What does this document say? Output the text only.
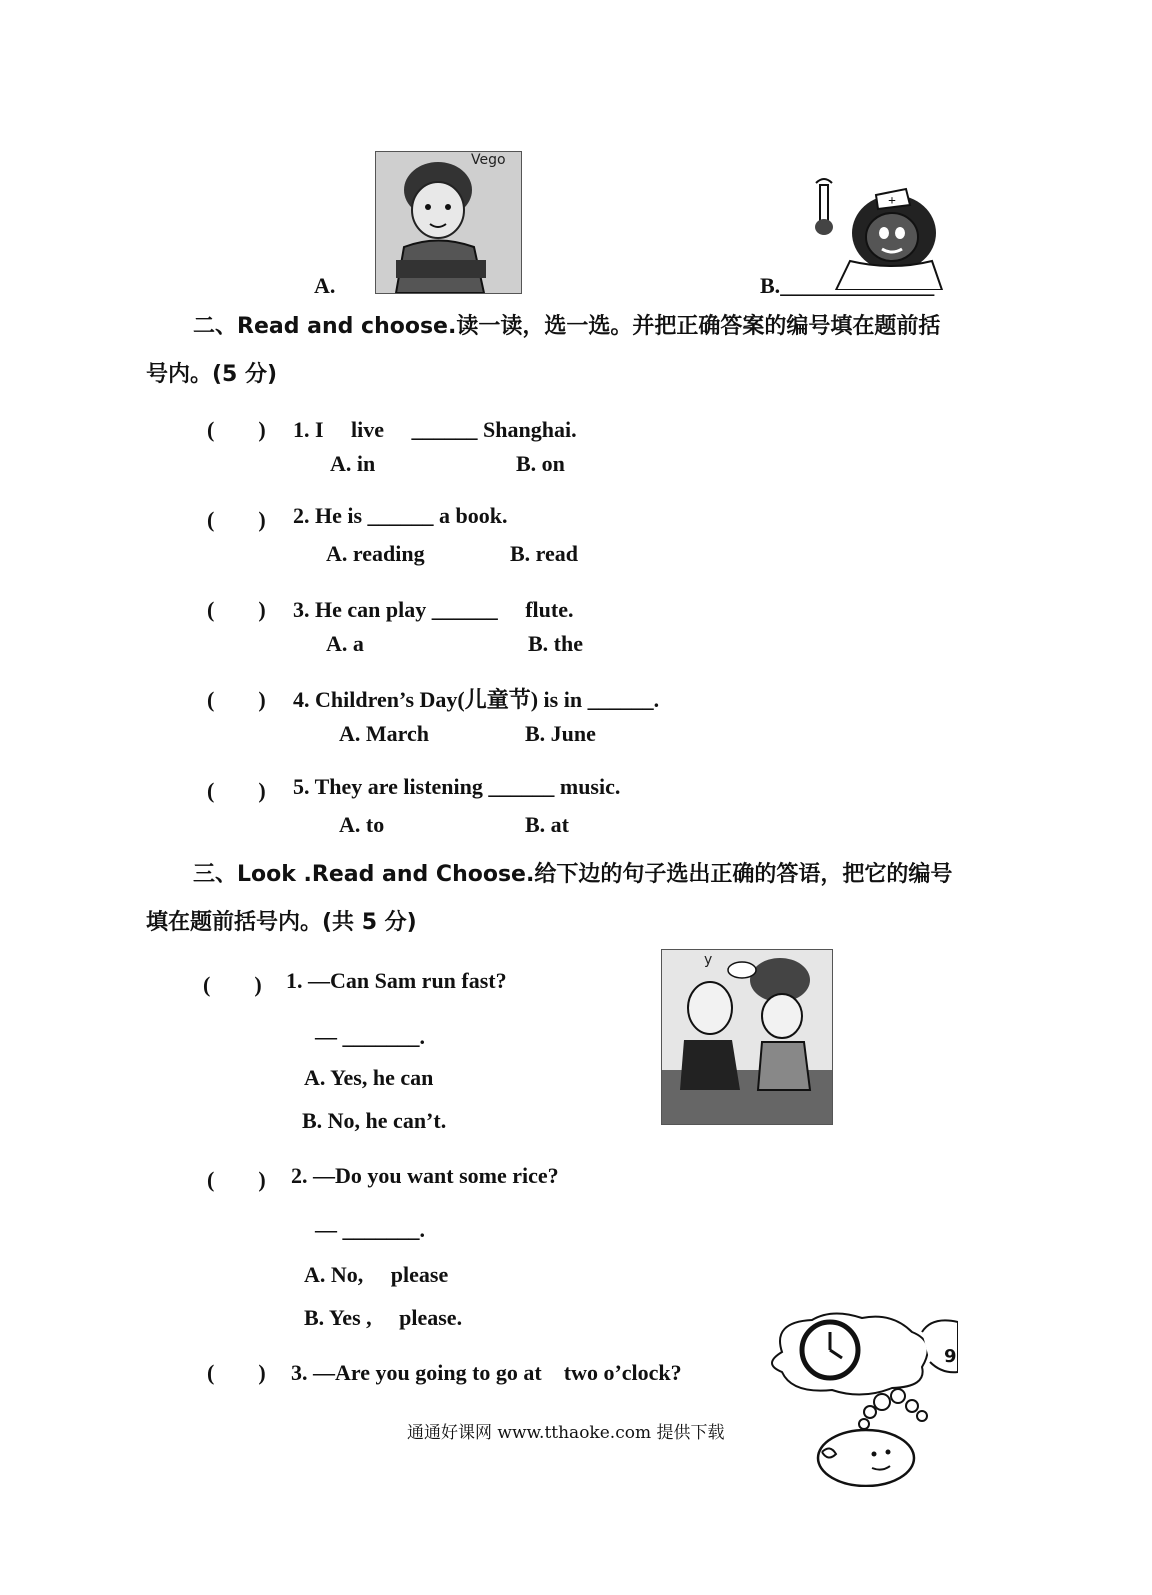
Vego
A.
+
B.______________
二、Read and choose.读一读，选一选。并把正确答案的编号填在题前括
号内。(5 分)
(　　) 1. I　 live　 ______ Shanghai.
A. in	B. on
(　　) 2. He is ______ a book.
A. reading	B. read
(　　) 3. He can play ______ 　flute.
A. a	B. the
(　　) 4. Children’s Day(儿童节) is in ______.
A. March	B. June
(　　) 5. They are listening ______ music.
A. to	B. at
三、Look .Read and Choose.给下边的句子选出正确的答语，把它的编号
填在题前括号内。(共 5 分)
(　　) 1. —Can Sam run fast?
— _______.
A. Yes, he can
B. No, he can’t.
y
(　　) 2. —Do you want some rice?
— _______.
A. No,　 please
B. Yes ,　 please.
(　　) 3. —Are you going to go at　two o’clock?
9
通通好课网 www.tthaoke.com 提供下载
